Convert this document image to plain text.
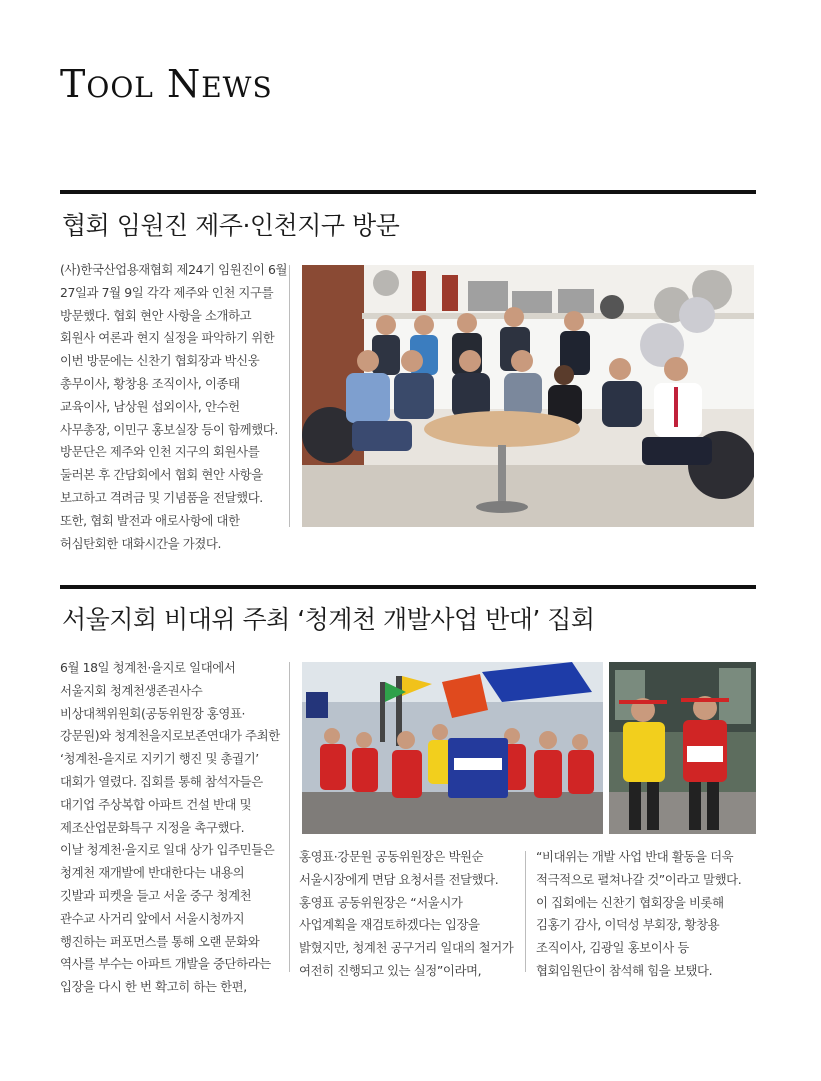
TOOL NEWS
협회 임원진 제주·인천지구 방문
(사)한국산업용재협회 제24기 임원진이 6월
27일과 7월 9일 각각 제주와 인천 지구를
방문했다. 협회 현안 사항을 소개하고
회원사 여론과 현지 실정을 파악하기 위한
이번 방문에는 신찬기 협회장과 박신웅
총무이사, 황창용 조직이사, 이종태
교육이사, 남상원 섭외이사, 안수헌
사무총장, 이민구 홍보실장 등이 함께했다.
방문단은 제주와 인천 지구의 회원사를
둘러본 후 간담회에서 협회 현안 사항을
보고하고 격려금 및 기념품을 전달했다.
또한, 협회 발전과 애로사항에 대한
허심탄회한 대화시간을 가졌다.
서울지회 비대위 주최 ‘청계천 개발사업 반대’ 집회
6월 18일 청계천·을지로 일대에서
서울지회 청계천생존권사수
비상대책위원회(공동위원장 홍영표·
강문원)와 청계천을지로보존연대가 주최한
‘청계천-을지로 지키기 행진 및 총궐기’
대회가 열렸다. 집회를 통해 참석자들은
대기업 주상복합 아파트 건설 반대 및
제조산업문화특구 지정을 촉구했다.
이날 청계천·을지로 일대 상가 입주민들은
청계천 재개발에 반대한다는 내용의
깃발과 피켓을 들고 서울 중구 청계천
관수교 사거리 앞에서 서울시청까지
행진하는 퍼포먼스를 통해 오랜 문화와
역사를 부수는 아파트 개발을 중단하라는
입장을 다시 한 번 확고히 하는 한편,
홍영표·강문원 공동위원장은 박원순
서울시장에게 면담 요청서를 전달했다.
홍영표 공동위원장은 “서울시가
사업계획을 재검토하겠다는 입장을
밝혔지만, 청계천 공구거리 일대의 철거가
여전히 진행되고 있는 실정”이라며,
“비대위는 개발 사업 반대 활동을 더욱
적극적으로 펼쳐나갈 것”이라고 말했다.
이 집회에는 신찬기 협회장을 비롯해
김홍기 감사, 이덕성 부회장, 황창용
조직이사, 김광일 홍보이사 등
협회임원단이 참석해 힘을 보탰다.
